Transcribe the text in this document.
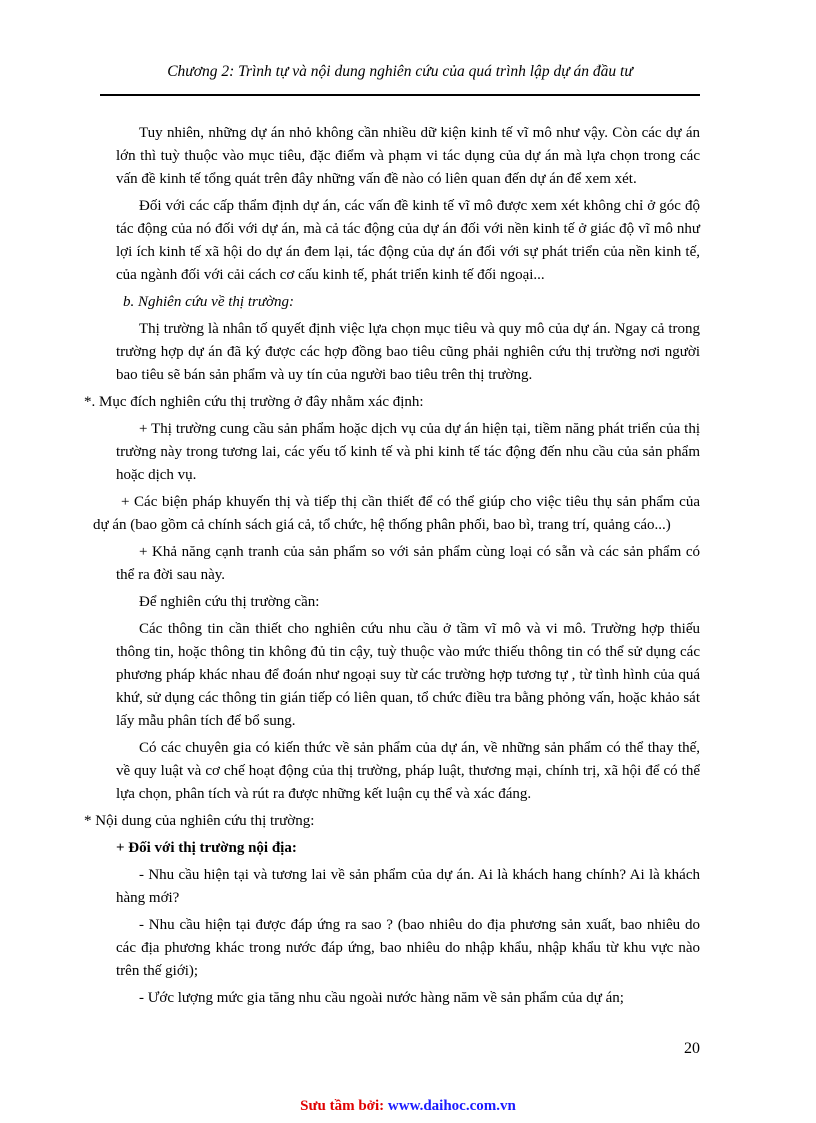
Chương 2: Trình tự và nội dung nghiên cứu của quá trình lập dự án đầu tư

Tuy nhiên, những dự án nhỏ không cần nhiều dữ kiện kinh tế vĩ mô như vậy. Còn các dự án lớn thì tuỳ thuộc vào mục tiêu, đặc điểm và phạm vi tác dụng của dự án mà lựa chọn trong các vấn đề kinh tế tổng quát trên đây những vấn đề nào có liên quan đến dự án để xem xét.

Đối với các cấp thẩm định dự án, các vấn đề kinh tế vĩ mô được xem xét không chỉ ở góc độ tác động của nó đối với dự án, mà cả tác động của dự án đối với nền kinh tế ở giác độ vĩ mô như lợi ích kinh tế xã hội do dự án đem lại, tác động của dự án đối với sự phát triển của nền kinh tế, của ngành đối với cải cách cơ cấu kinh tế, phát triển kinh tế đối ngoại...

b. Nghiên cứu về thị trường:

Thị trường là nhân tố quyết định việc lựa chọn mục tiêu và quy mô của dự án. Ngay cả trong trường hợp dự án đã ký được các hợp đồng bao tiêu cũng phải nghiên cứu thị trường nơi người bao tiêu sẽ bán sản phẩm và uy tín của người bao tiêu trên thị trường.

*. Mục đích nghiên cứu thị trường ở đây nhằm xác định:

+ Thị trường cung cầu sản phẩm hoặc dịch vụ của dự án hiện tại, tiềm năng phát triển của thị trường này trong tương lai, các yếu tố kinh tế và phi kinh tế tác động đến nhu cầu của sản phẩm hoặc dịch vụ.

+ Các biện pháp khuyến thị và tiếp thị cần thiết để có thể giúp cho việc tiêu thụ sản phẩm của dự án (bao gồm cả chính sách giá cả, tổ chức, hệ thống phân phối, bao bì, trang trí, quảng cáo...)

+ Khả năng cạnh tranh của sản phẩm so với sản phẩm cùng loại có sẵn và các sản phẩm có thể ra đời sau này.

Để nghiên cứu thị trường cần:

Các thông tin cần thiết cho nghiên cứu nhu cầu ở tầm vĩ mô và vi mô. Trường hợp thiếu thông tin, hoặc thông tin không đủ tin cậy, tuỳ thuộc vào mức thiếu thông tin có thể sử dụng các phương pháp khác nhau để đoán như ngoại suy từ các trường hợp tương tự , từ tình hình của quá khứ, sử dụng các thông tin gián tiếp có liên quan, tổ chức điều tra bằng phỏng vấn, hoặc khảo sát lấy mẫu phân tích để bổ sung.

Có các chuyên gia có kiến thức về sản phẩm của dự án, về những sản phẩm có thể thay thế, về quy luật và cơ chế hoạt động của thị trường, pháp luật, thương mại, chính trị, xã hội để có thể lựa chọn, phân tích và rút ra được những kết luận cụ thể và xác đáng.

* Nội dung của nghiên cứu thị trường:

+ Đối với thị trường nội địa:

- Nhu cầu hiện tại và tương lai về sản phẩm của dự án. Ai là khách hang chính? Ai là khách hàng mới?

- Nhu cầu hiện tại được đáp ứng ra sao ? (bao nhiêu do địa phương sản xuất, bao nhiêu do các địa phương khác trong nước đáp ứng, bao nhiêu do nhập khẩu, nhập khẩu từ khu vực nào trên thế giới);

- Ước lượng mức gia tăng nhu cầu ngoài nước hàng năm về sản phẩm của dự án;

20
Sưu tầm bởi: www.daihoc.com.vn
